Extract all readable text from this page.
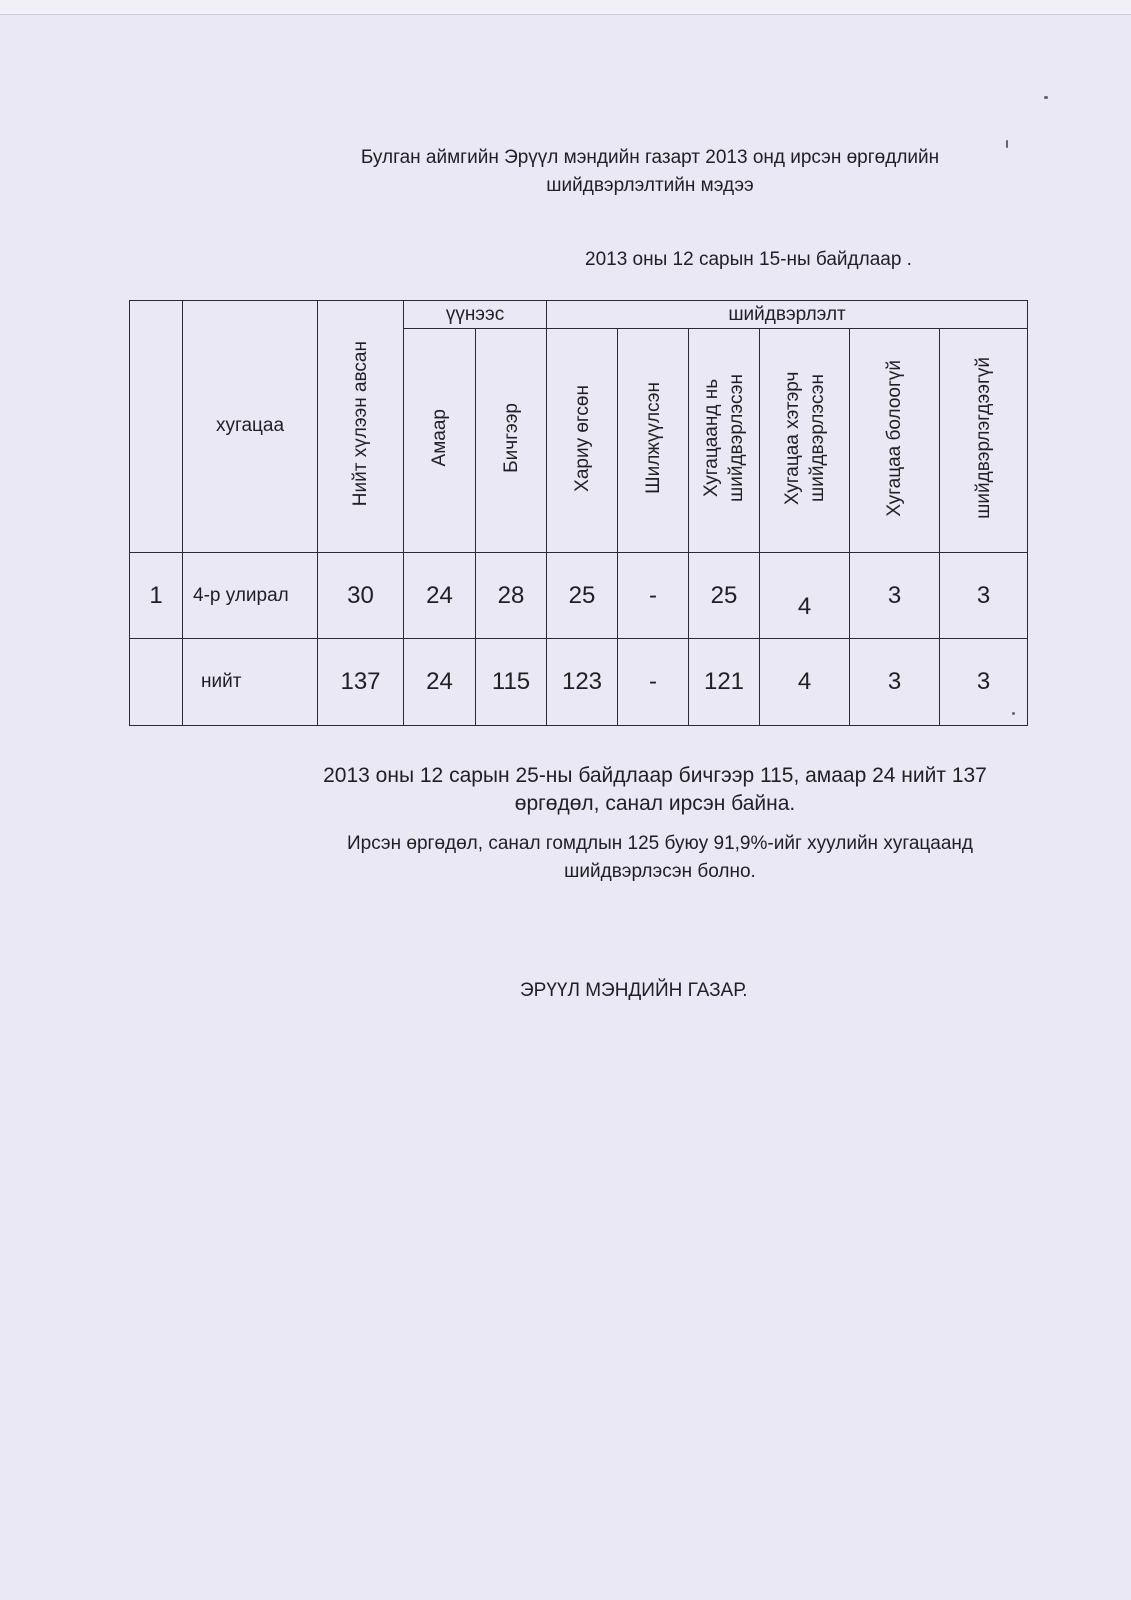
Булган аймгийн Эрүүл мэндийн газарт 2013 онд ирсэн өргөдлийн
шийдвэрлэлтийн мэдээ
2013 оны 12 сарын 15-ны байдлаар .
	хугацаа	Нийт хүлээн авсан	үүнээс		шийдвэрлэлт					
			Амаар	Бичгээр	Хариу өгсөн	Шилжүүлсэн	Хугацаанд нь шийдвэрлэсэн	Хугацаа хэтэрч шийдвэрлэсэн	Хугацаа болоогүй	шийдвэрлэгдээгүй
1	4-р улирал	30	24	28	25	-	25	4	3	3
	нийт	137	24	115	123	-	121	4	3	3
2013 оны 12 сарын 25-ны байдлаар бичгээр 115, амаар 24 нийт 137
өргөдөл, санал ирсэн байна.
Ирсэн өргөдөл, санал гомдлын 125 буюу 91,9%-ийг хуулийн хугацаанд
шийдвэрлэсэн болно.
ЭРҮҮЛ МЭНДИЙН ГАЗАР.
